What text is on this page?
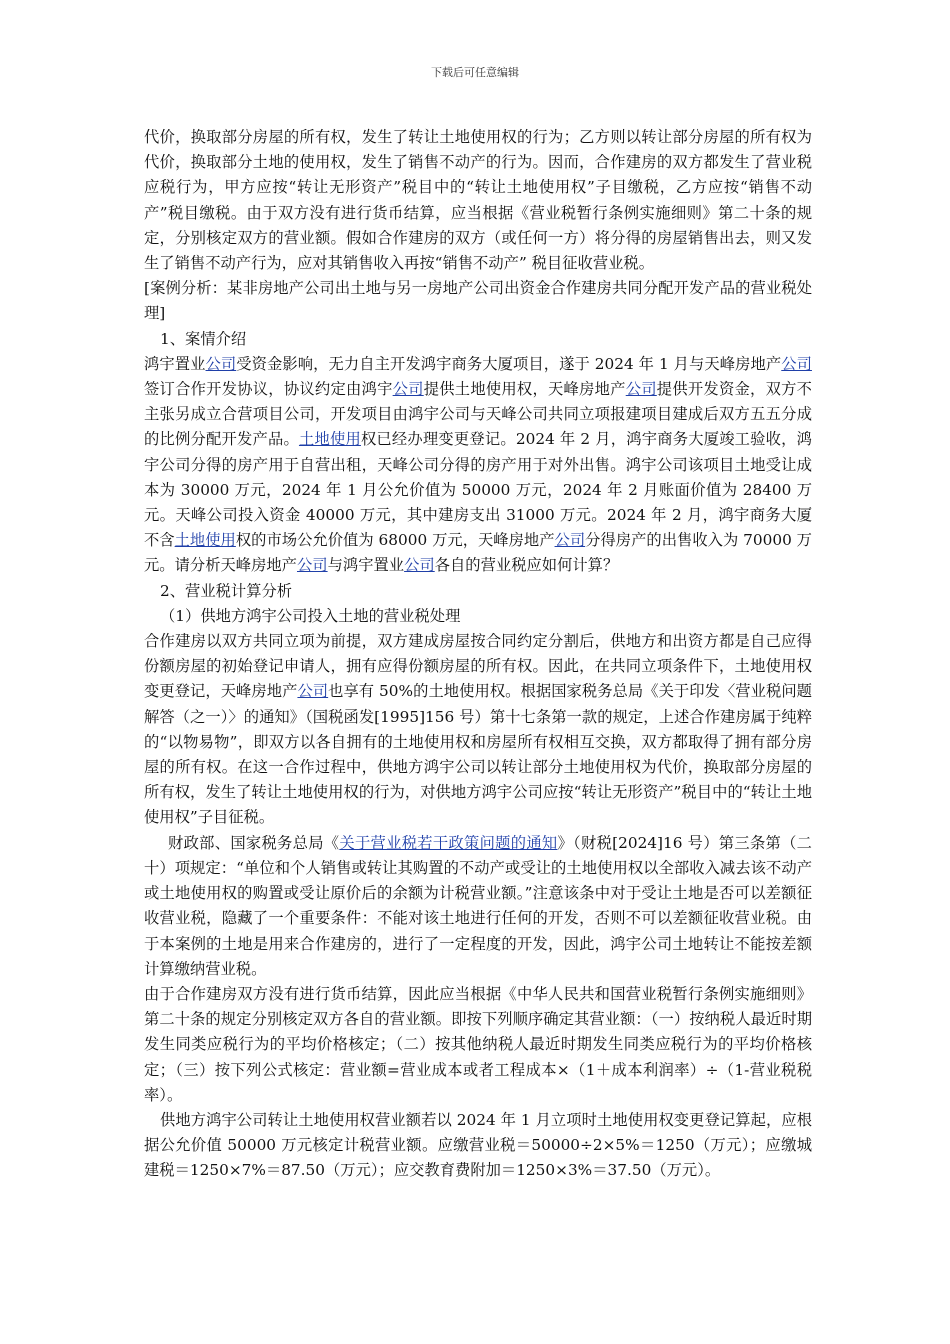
下载后可任意编辑

代价，换取部分房屋的所有权，发生了转让土地使用权的行为；乙方则以转让部分房屋的所有权为代价，换取部分土地的使用权，发生了销售不动产的行为。因而，合作建房的双方都发生了营业税应税行为，甲方应按“转让无形资产”税目中的“转让土地使用权”子目缴税，乙方应按“销售不动产”税目缴税。由于双方没有进行货币结算，应当根据《营业税暂行条例实施细则》第二十条的规定，分别核定双方的营业额。假如合作建房的双方（或任何一方）将分得的房屋销售出去，则又发生了销售不动产行为，应对其销售收入再按“销售不动产” 税目征收营业税。

[案例分析：某非房地产公司出土地与另一房地产公司出资金合作建房共同分配开发产品的营业税处理]

1、案情介绍

鸿宇置业公司受资金影响，无力自主开发鸿宇商务大厦项目，遂于 2024 年 1 月与天峰房地产公司签订合作开发协议，协议约定由鸿宇公司提供土地使用权，天峰房地产公司提供开发资金，双方不主张另成立合营项目公司，开发项目由鸿宇公司与天峰公司共同立项报建项目建成后双方五五分成的比例分配开发产品。土地使用权已经办理变更登记。2024 年 2 月，鸿宇商务大厦竣工验收，鸿宇公司分得的房产用于自营出租，天峰公司分得的房产用于对外出售。鸿宇公司该项目土地受让成本为 30000 万元，2024 年 1 月公允价值为 50000 万元，2024 年 2 月账面价值为 28400 万元。天峰公司投入资金 40000 万元，其中建房支出 31000 万元。2024 年 2 月，鸿宇商务大厦不含土地使用权的市场公允价值为 68000 万元，天峰房地产公司分得房产的出售收入为 70000 万元。请分析天峰房地产公司与鸿宇置业公司各自的营业税应如何计算？

2、营业税计算分析

（1）供地方鸿宇公司投入土地的营业税处理

合作建房以双方共同立项为前提，双方建成房屋按合同约定分割后，供地方和出资方都是自己应得份额房屋的初始登记申请人，拥有应得份额房屋的所有权。因此，在共同立项条件下，土地使用权变更登记，天峰房地产公司也享有 50%的土地使用权。根据国家税务总局《关于印发〈营业税问题解答（之一）〉的通知》（国税函发[1995]156 号）第十七条第一款的规定，上述合作建房属于纯粹的“以物易物”，即双方以各自拥有的土地使用权和房屋所有权相互交换，双方都取得了拥有部分房屋的所有权。在这一合作过程中，供地方鸿宇公司以转让部分土地使用权为代价，换取部分房屋的所有权，发生了转让土地使用权的行为，对供地方鸿宇公司应按“转让无形资产”税目中的“转让土地使用权”子目征税。

财政部、国家税务总局《关于营业税若干政策问题的通知》（财税[2024]16 号）第三条第（二十）项规定：“单位和个人销售或转让其购置的不动产或受让的土地使用权以全部收入减去该不动产或土地使用权的购置或受让原价后的余额为计税营业额。”注意该条中对于受让土地是否可以差额征收营业税，隐藏了一个重要条件：不能对该土地进行任何的开发，否则不可以差额征收营业税。由于本案例的土地是用来合作建房的，进行了一定程度的开发，因此，鸿宇公司土地转让不能按差额计算缴纳营业税。

由于合作建房双方没有进行货币结算，因此应当根据《中华人民共和国营业税暂行条例实施细则》第二十条的规定分别核定双方各自的营业额。即按下列顺序确定其营业额：（一）按纳税人最近时期发生同类应税行为的平均价格核定；（二）按其他纳税人最近时期发生同类应税行为的平均价格核定；（三）按下列公式核定：营业额=营业成本或者工程成本×（1＋成本利润率）÷（1-营业税税率）。

供地方鸿宇公司转让土地使用权营业额若以 2024 年 1 月立项时土地使用权变更登记算起，应根据公允价值 50000 万元核定计税营业额。应缴营业税＝50000÷2×5%＝1250（万元）；应缴城建税＝1250×7%＝87.50（万元）；应交教育费附加＝1250×3%＝37.50（万元）。
